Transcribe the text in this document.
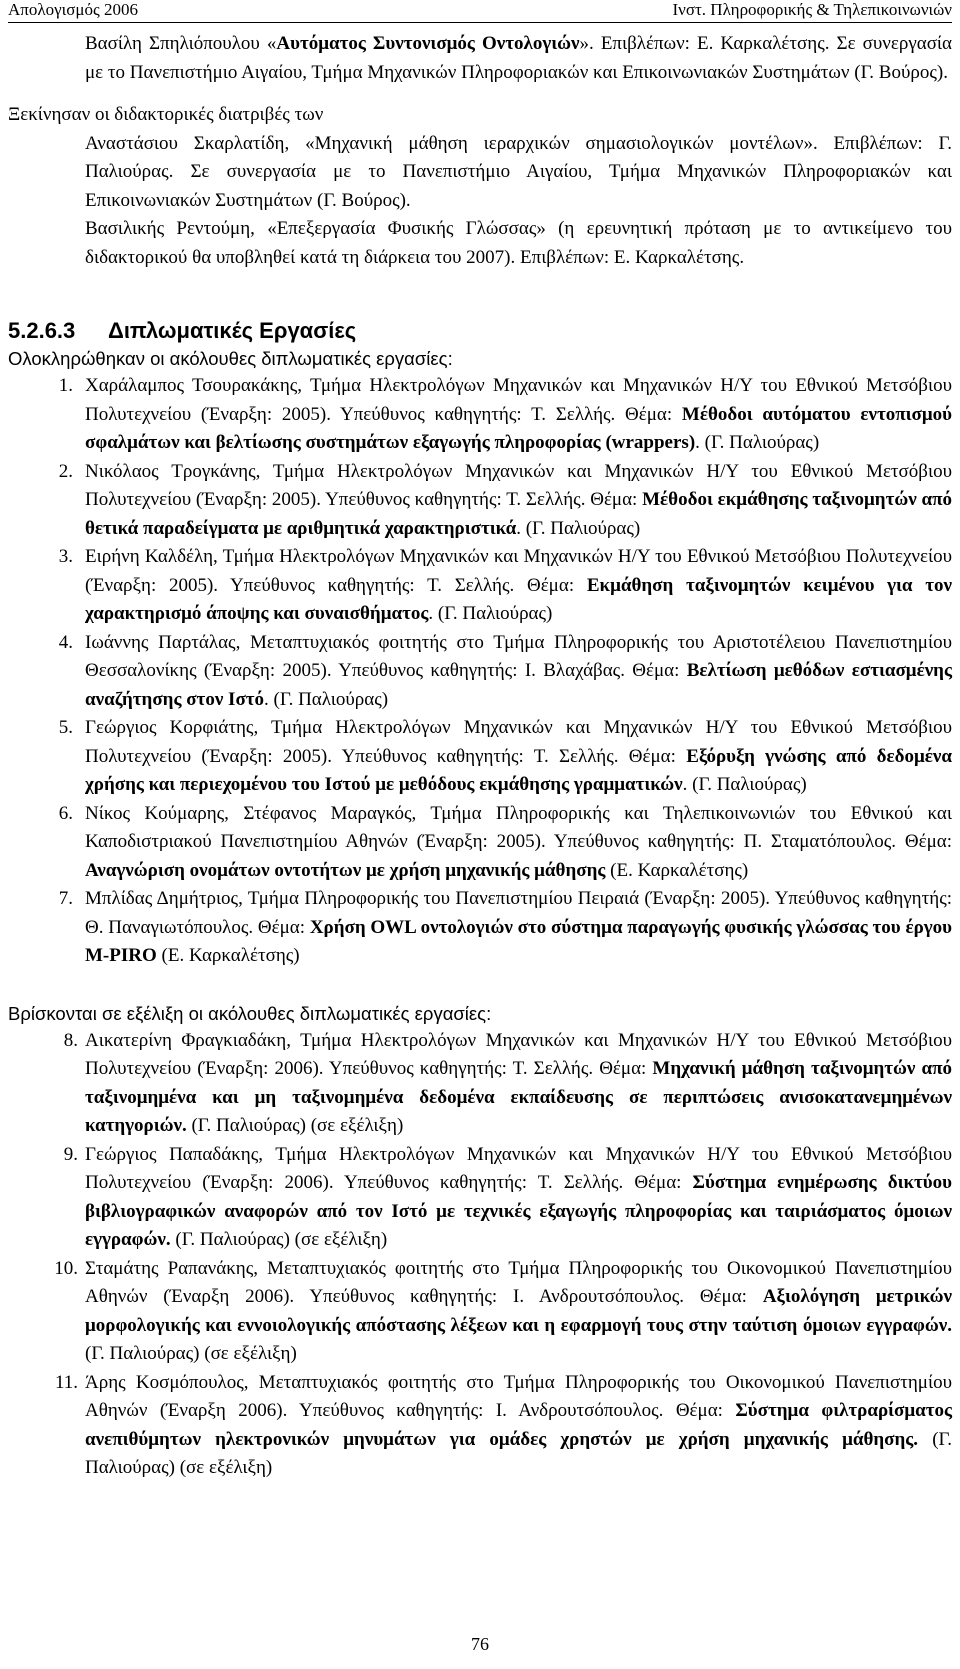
Απολογισμός 2006	Ινστ. Πληροφορικής & Τηλεπικοινωνιών

Βασίλη Σπηλιόπουλου «Αυτόματος Συντονισμός Οντολογιών». Επιβλέπων: Ε. Καρκαλέτσης. Σε συνεργασία με το Πανεπιστήμιο Αιγαίου, Τμήμα Μηχανικών Πληροφοριακών και Επικοινωνιακών Συστημάτων (Γ. Βούρος).

Ξεκίνησαν οι διδακτορικές διατριβές των

Αναστάσιου Σκαρλατίδη, «Μηχανική μάθηση ιεραρχικών σημασιολογικών μοντέλων». Επιβλέπων: Γ. Παλιούρας. Σε συνεργασία με το Πανεπιστήμιο Αιγαίου, Τμήμα Μηχανικών Πληροφοριακών και Επικοινωνιακών Συστημάτων (Γ. Βούρος).

Βασιλικής Ρεντούμη, «Επεξεργασία Φυσικής Γλώσσας» (η ερευνητική πρόταση με το αντικείμενο του διδακτορικού θα υποβληθεί κατά τη διάρκεια του 2007). Επιβλέπων: Ε. Καρκαλέτσης.

5.2.6.3 Διπλωματικές Εργασίες

Ολοκληρώθηκαν οι ακόλουθες διπλωματικές εργασίες:

1. Χαράλαμπος Τσουρακάκης, Τμήμα Ηλεκτρολόγων Μηχανικών και Μηχανικών Η/Υ του Εθνικού Μετσόβιου Πολυτεχνείου (Έναρξη: 2005). Υπεύθυνος καθηγητής: Τ. Σελλής. Θέμα: Μέθοδοι αυτόματου εντοπισμού σφαλμάτων και βελτίωσης συστημάτων εξαγωγής πληροφορίας (wrappers). (Γ. Παλιούρας)
2. Νικόλαος Τρογκάνης, Τμήμα Ηλεκτρολόγων Μηχανικών και Μηχανικών Η/Υ του Εθνικού Μετσόβιου Πολυτεχνείου (Έναρξη: 2005). Υπεύθυνος καθηγητής: Τ. Σελλής. Θέμα: Μέθοδοι εκμάθησης ταξινομητών από θετικά παραδείγματα με αριθμητικά χαρακτηριστικά. (Γ. Παλιούρας)
3. Ειρήνη Καλδέλη, Τμήμα Ηλεκτρολόγων Μηχανικών και Μηχανικών Η/Υ του Εθνικού Μετσόβιου Πολυτεχνείου (Έναρξη: 2005). Υπεύθυνος καθηγητής: Τ. Σελλής. Θέμα: Εκμάθηση ταξινομητών κειμένου για τον χαρακτηρισμό άποψης και συναισθήματος. (Γ. Παλιούρας)
4. Ιωάννης Παρτάλας, Μεταπτυχιακός φοιτητής στο Τμήμα Πληροφορικής του Αριστοτέλειου Πανεπιστημίου Θεσσαλονίκης (Έναρξη: 2005). Υπεύθυνος καθηγητής: Ι. Βλαχάβας. Θέμα: Βελτίωση μεθόδων εστιασμένης αναζήτησης στον Ιστό. (Γ. Παλιούρας)
5. Γεώργιος Κορφιάτης, Τμήμα Ηλεκτρολόγων Μηχανικών και Μηχανικών Η/Υ του Εθνικού Μετσόβιου Πολυτεχνείου (Έναρξη: 2005). Υπεύθυνος καθηγητής: Τ. Σελλής. Θέμα: Εξόρυξη γνώσης από δεδομένα χρήσης και περιεχομένου του Ιστού με μεθόδους εκμάθησης γραμματικών. (Γ. Παλιούρας)
6. Νίκος Κούμαρης, Στέφανος Μαραγκός, Τμήμα Πληροφορικής και Τηλεπικοινωνιών του Εθνικού και Καποδιστριακού Πανεπιστημίου Αθηνών (Έναρξη: 2005). Υπεύθυνος καθηγητής: Π. Σταματόπουλος. Θέμα: Αναγνώριση ονομάτων οντοτήτων με χρήση μηχανικής μάθησης (Ε. Καρκαλέτσης)
7. Μπλίδας Δημήτριος, Τμήμα Πληροφορικής του Πανεπιστημίου Πειραιά (Έναρξη: 2005). Υπεύθυνος καθηγητής: Θ. Παναγιωτόπουλος. Θέμα: Χρήση OWL οντολογιών στο σύστημα παραγωγής φυσικής γλώσσας του έργου M-PIRO (Ε. Καρκαλέτσης)

Βρίσκονται σε εξέλιξη οι ακόλουθες διπλωματικές εργασίες:

8. Αικατερίνη Φραγκιαδάκη, Τμήμα Ηλεκτρολόγων Μηχανικών και Μηχανικών Η/Υ του Εθνικού Μετσόβιου Πολυτεχνείου (Έναρξη: 2006). Υπεύθυνος καθηγητής: Τ. Σελλής. Θέμα: Μηχανική μάθηση ταξινομητών από ταξινομημένα και μη ταξινομημένα δεδομένα εκπαίδευσης σε περιπτώσεις ανισοκατανεμημένων κατηγοριών. (Γ. Παλιούρας) (σε εξέλιξη)
9. Γεώργιος Παπαδάκης, Τμήμα Ηλεκτρολόγων Μηχανικών και Μηχανικών Η/Υ του Εθνικού Μετσόβιου Πολυτεχνείου (Έναρξη: 2006). Υπεύθυνος καθηγητής: Τ. Σελλής. Θέμα: Σύστημα ενημέρωσης δικτύου βιβλιογραφικών αναφορών από τον Ιστό με τεχνικές εξαγωγής πληροφορίας και ταιριάσματος όμοιων εγγραφών. (Γ. Παλιούρας) (σε εξέλιξη)
10. Σταμάτης Ραπανάκης, Μεταπτυχιακός φοιτητής στο Τμήμα Πληροφορικής του Οικονομικού Πανεπιστημίου Αθηνών (Έναρξη 2006). Υπεύθυνος καθηγητής: Ι. Ανδρουτσόπουλος. Θέμα: Αξιολόγηση μετρικών μορφολογικής και εννοιολογικής απόστασης λέξεων και η εφαρμογή τους στην ταύτιση όμοιων εγγραφών. (Γ. Παλιούρας) (σε εξέλιξη)
11. Άρης Κοσμόπουλος, Μεταπτυχιακός φοιτητής στο Τμήμα Πληροφορικής του Οικονομικού Πανεπιστημίου Αθηνών (Έναρξη 2006). Υπεύθυνος καθηγητής: Ι. Ανδρουτσόπουλος. Θέμα: Σύστημα φιλτραρίσματος ανεπιθύμητων ηλεκτρονικών μηνυμάτων για ομάδες χρηστών με χρήση μηχανικής μάθησης. (Γ. Παλιούρας) (σε εξέλιξη)
76
